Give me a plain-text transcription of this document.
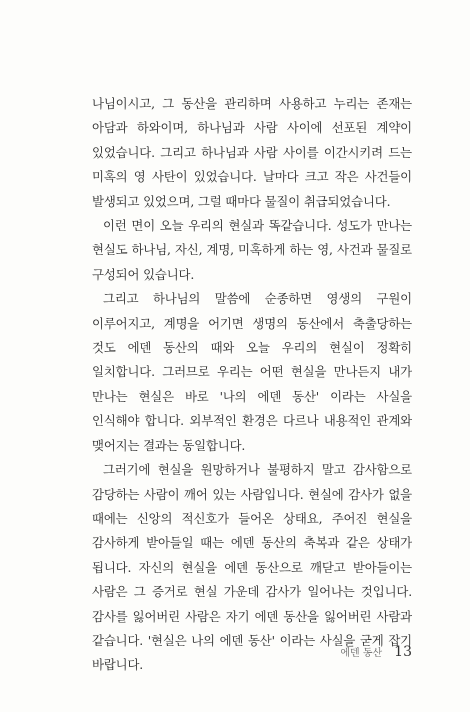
나님이시고, 그 동산을 관리하며 사용하고 누리는 존재는 아담과 하와이며, 하나님과 사람 사이에 선포된 계약이 있었습니다. 그리고 하나님과 사람 사이를 이간시키려 드는 미혹의 영 사탄이 있었습니다. 날마다 크고 작은 사건들이 발생되고 있었으며, 그럴 때마다 물질이 취급되었습니다.

이런 면이 오늘 우리의 현실과 똑같습니다. 성도가 만나는 현실도 하나님, 자신, 계명, 미혹하게 하는 영, 사건과 물질로 구성되어 있습니다.

그리고 하나님의 말씀에 순종하면 영생의 구원이 이루어지고, 계명을 어기면 생명의 동산에서 축출당하는 것도 에덴 동산의 때와 오늘 우리의 현실이 정확히 일치합니다. 그러므로 우리는 어떤 현실을 만나든지 내가 만나는 현실은 바로 '나의 에덴 동산' 이라는 사실을 인식해야 합니다. 외부적인 환경은 다르나 내용적인 관계와 맺어지는 결과는 동일합니다.

그러기에 현실을 원망하거나 불평하지 말고 감사함으로 감당하는 사람이 깨어 있는 사람입니다. 현실에 감사가 없을 때에는 신앙의 적신호가 들어온 상태요, 주어진 현실을 감사하게 받아들일 때는 에덴 동산의 축복과 같은 상태가 됩니다. 자신의 현실을 에덴 동산으로 깨닫고 받아들이는 사람은 그 증거로 현실 가운데 감사가 일어나는 것입니다. 감사를 잃어버린 사람은 자기 에덴 동산을 잃어버린 사람과 같습니다. '현실은 나의 에덴 동산' 이라는 사실을 굳게 잡기 바랍니다.

에덴 동산 13
